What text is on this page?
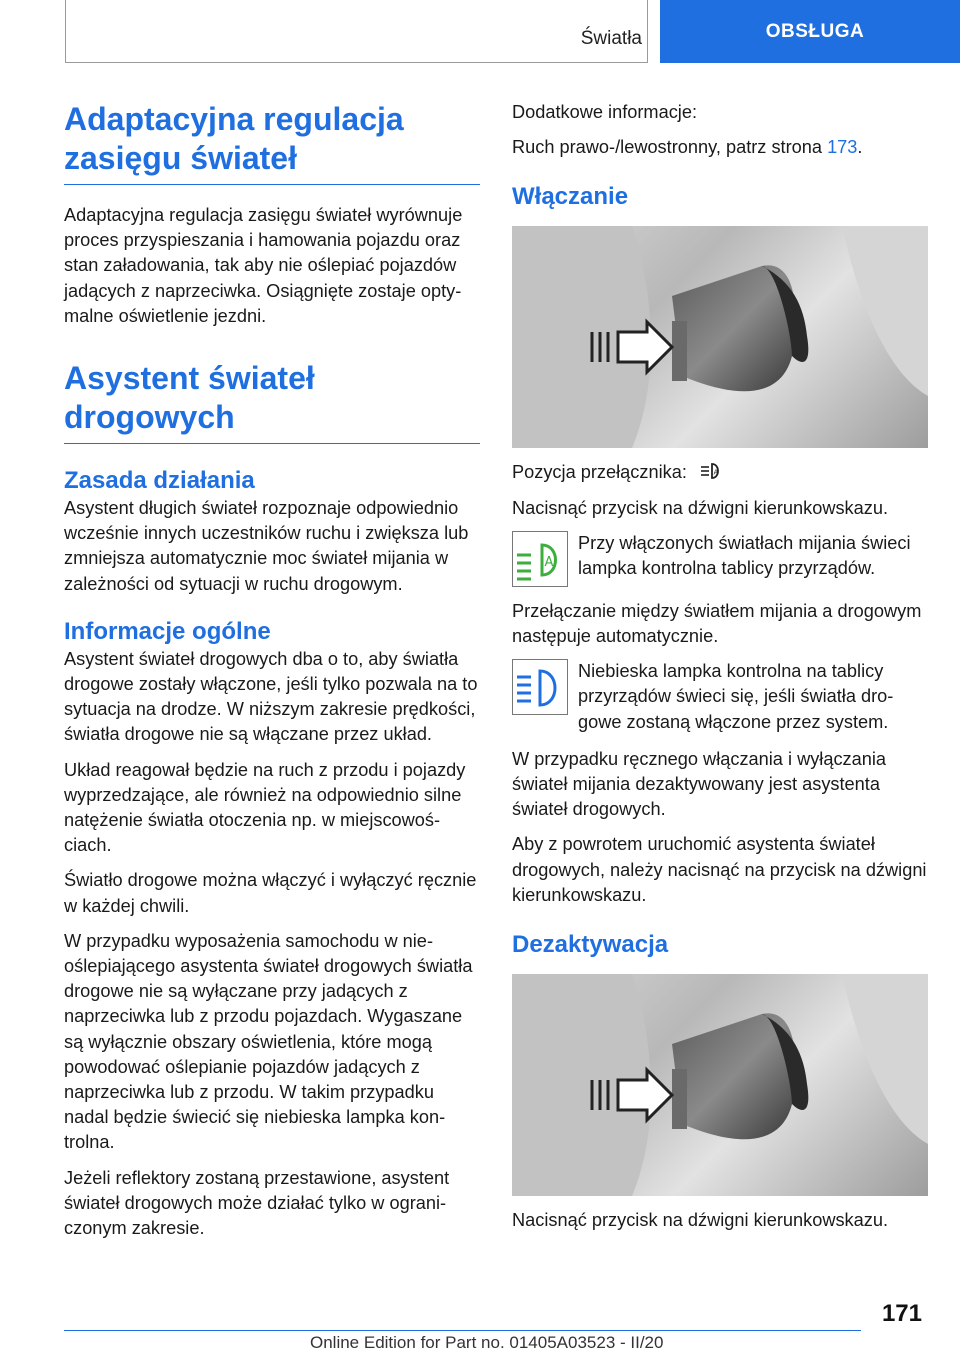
Światła	OBSŁUGA
Adaptacyjna regulacja zasięgu świateł

Adaptacyjna regulacja zasięgu świateł wyrównuje proces przyspieszania i hamowania pojazdu oraz stan załadowania, tak aby nie oślepiać pojazdów jadących z naprzeciwka. Osiągnięte zostaje optymalne oświetlenie jezdni.

Asystent świateł drogowych
Zasada działania

Asystent długich świateł rozpoznaje odpowiednio wcześnie innych uczestników ruchu i zwiększa lub zmniejsza automatycznie moc świateł mijania w zależności od sytuacji w ruchu drogowym.

Informacje ogólne

Asystent świateł drogowych dba o to, aby światła drogowe zostały włączone, jeśli tylko pozwala na to sytuacja na drodze. W niższym zakresie prędkości, światła drogowe nie są włączane przez układ.

Układ reagował będzie na ruch z przodu i pojazdy wyprzedzające, ale również na odpowiednio silne natężenie światła otoczenia np. w miejscowościach.

Światło drogowe można włączyć i wyłączyć ręcznie w każdej chwili.

W przypadku wyposażenia samochodu w nieoślepiającego asystenta świateł drogowych światła drogowe nie są wyłączane przy jadących z naprzeciwka lub z przodu pojazdach. Wygaszane są wyłącznie obszary oświetlenia, które mogą powodować oślepianie pojazdów jadących z naprzeciwka lub z przodu. W takim przypadku nadal będzie świecić się niebieska lampka kontrolna.

Jeżeli reflektory zostaną przestawione, asystent świateł drogowych może działać tylko w ograniczonym zakresie.

Dodatkowe informacje:

Ruch prawo-/lewostronny, patrz strona 173.

Włączanie

Pozycja przełącznika:	A

Nacisnąć przycisk na dźwigni kierunkowskazu.

A
Przy włączonych światłach mijania świeci lampka kontrolna tablicy przyrządów.

Przełączanie między światłem mijania a drogowym następuje automatycznie.

Niebieska lampka kontrolna na tablicy przyrządów świeci się, jeśli światła drogowe zostaną włączone przez system.

W przypadku ręcznego włączania i wyłączania świateł mijania dezaktywowany jest asystenta świateł drogowych.

Aby z powrotem uruchomić asystenta świateł drogowych, należy nacisnąć na przycisk na dźwigni kierunkowskazu.

Dezaktywacja

Nacisnąć przycisk na dźwigni kierunkowskazu.

171
Online Edition for Part no. 01405A03523 - II/20
